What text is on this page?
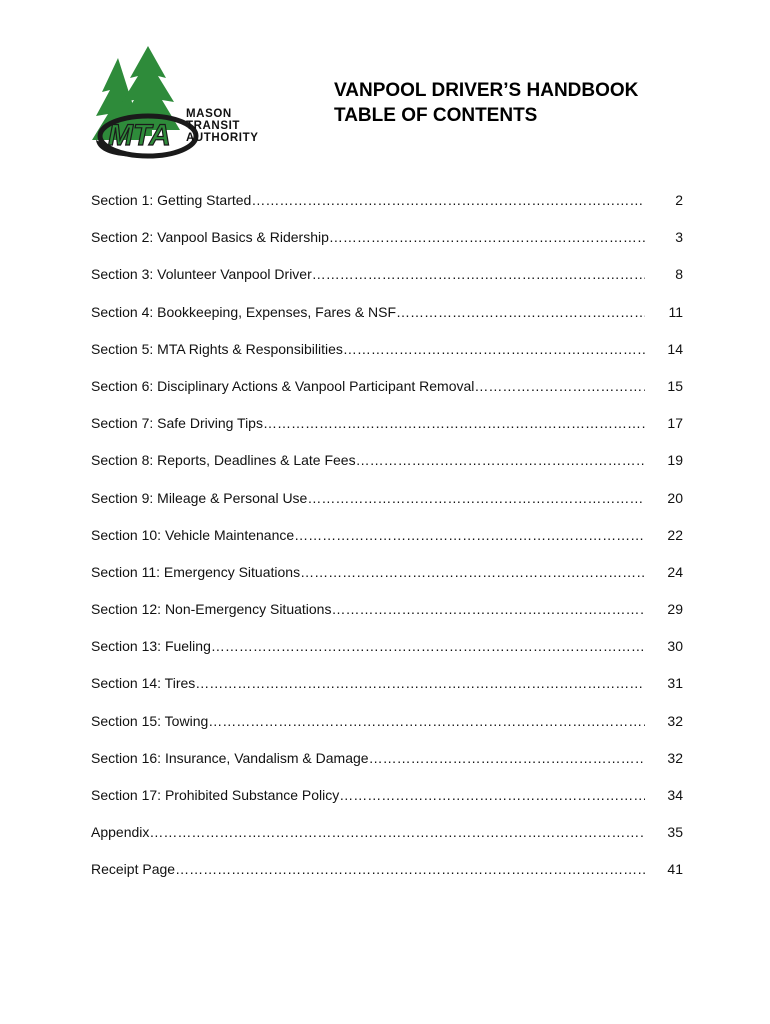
MTA
MASON
TRANSIT
AUTHORITY
VANPOOL DRIVER’S HANDBOOK
TABLE OF CONTENTS
Section 1: Getting Started ………………………………………………………………………………………………………………………………………………………………	2
Section 2: Vanpool Basics & Ridership ………………………………………………………………………………………………………………………………………………………………	3
Section 3: Volunteer Vanpool Driver ………………………………………………………………………………………………………………………………………………………………	8
Section 4: Bookkeeping, Expenses, Fares & NSF ………………………………………………………………………………………………………………………………………………………………	11
Section 5: MTA Rights & Responsibilities ………………………………………………………………………………………………………………………………………………………………	14
Section 6: Disciplinary Actions & Vanpool Participant Removal ………………………………………………………………………………………………………………………………………………………………	15
Section 7: Safe Driving Tips ………………………………………………………………………………………………………………………………………………………………	17
Section 8: Reports, Deadlines & Late Fees ………………………………………………………………………………………………………………………………………………………………	19
Section 9: Mileage & Personal Use ………………………………………………………………………………………………………………………………………………………………	20
Section 10: Vehicle Maintenance ………………………………………………………………………………………………………………………………………………………………	22
Section 11: Emergency Situations ………………………………………………………………………………………………………………………………………………………………	24
Section 12: Non-Emergency Situations ………………………………………………………………………………………………………………………………………………………………	29
Section 13: Fueling ………………………………………………………………………………………………………………………………………………………………	30
Section 14: Tires ………………………………………………………………………………………………………………………………………………………………	31
Section 15: Towing ………………………………………………………………………………………………………………………………………………………………	32
Section 16: Insurance, Vandalism & Damage ………………………………………………………………………………………………………………………………………………………………	32
Section 17: Prohibited Substance Policy ………………………………………………………………………………………………………………………………………………………………	34
Appendix ………………………………………………………………………………………………………………………………………………………………	35
Receipt Page ………………………………………………………………………………………………………………………………………………………………	41
